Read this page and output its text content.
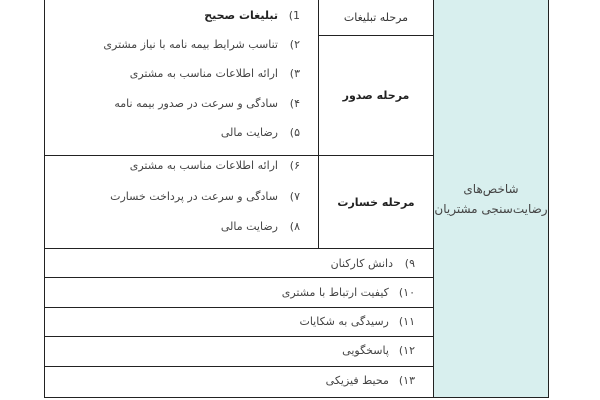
شاخص‌های
رضایت‌سنجی مشتریان
مرحله تبلیغات
مرحله صدور
مرحله خسارت
1)
تبلیغات صحیح
۲)
تناسب شرایط بیمه نامه با نیاز مشتری
۳)
ارائه اطلاعات مناسب به مشتری
۴)
سادگی و سرعت در صدور بیمه نامه
۵)
رضایت مالی
۶)
ارائه اطلاعات مناسب به مشتری
۷)
سادگی و سرعت در پرداخت خسارت
۸)
رضایت مالی
۹)
دانش کارکنان
۱۰)
کیفیت ارتباط با مشتری
۱۱)
رسیدگی به شکایات
۱۲)
پاسخگویی
۱۳)
محیط فیزیکی
